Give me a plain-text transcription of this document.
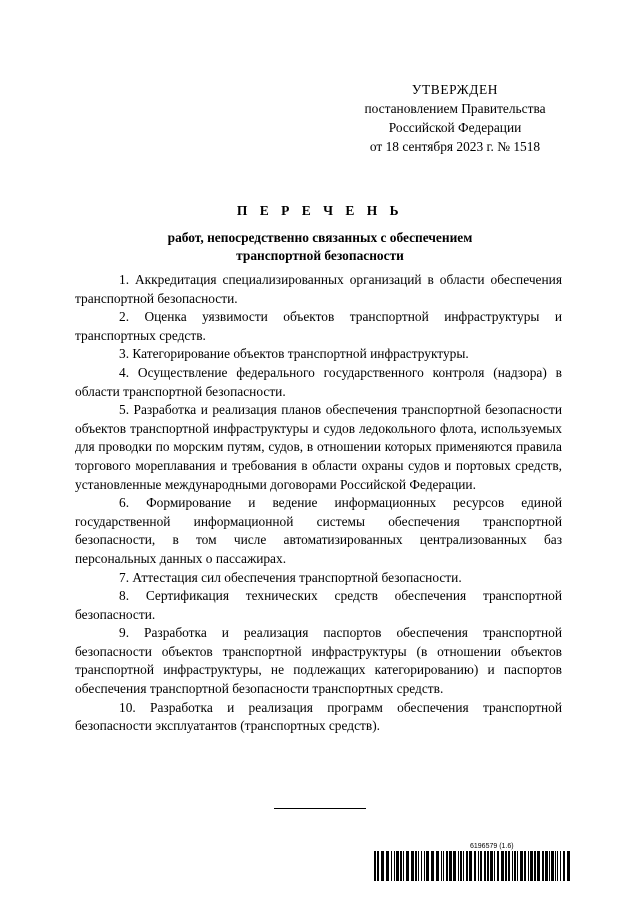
УТВЕРЖДЕН
постановлением Правительства
Российской Федерации
от 18 сентября 2023 г. № 1518
П Е Р Е Ч Е Н Ь
работ, непосредственно связанных с обеспечением
транспортной безопасности

1. Аккредитация специализированных организаций в области обеспечения транспортной безопасности.

2. Оценка уязвимости объектов транспортной инфраструктуры и транспортных средств.

3. Категорирование объектов транспортной инфраструктуры.

4. Осуществление федерального государственного контроля (надзора) в области транспортной безопасности.

5. Разработка и реализация планов обеспечения транспортной безопасности объектов транспортной инфраструктуры и судов ледокольного флота, используемых для проводки по морским путям, судов, в отношении которых применяются правила торгового мореплавания и требования в области охраны судов и портовых средств, установленные международными договорами Российской Федерации.

6. Формирование и ведение информационных ресурсов единой государственной информационной системы обеспечения транспортной безопасности, в том числе автоматизированных централизованных баз персональных данных о пассажирах.

7. Аттестация сил обеспечения транспортной безопасности.

8. Сертификация технических средств обеспечения транспортной безопасности.

9. Разработка и реализация паспортов обеспечения транспортной безопасности объектов транспортной инфраструктуры (в отношении объектов транспортной инфраструктуры, не подлежащих категорированию) и паспортов обеспечения транспортной безопасности транспортных средств.

10. Разработка и реализация программ обеспечения транспортной безопасности эксплуатантов (транспортных средств).

6196579 (1.6)
